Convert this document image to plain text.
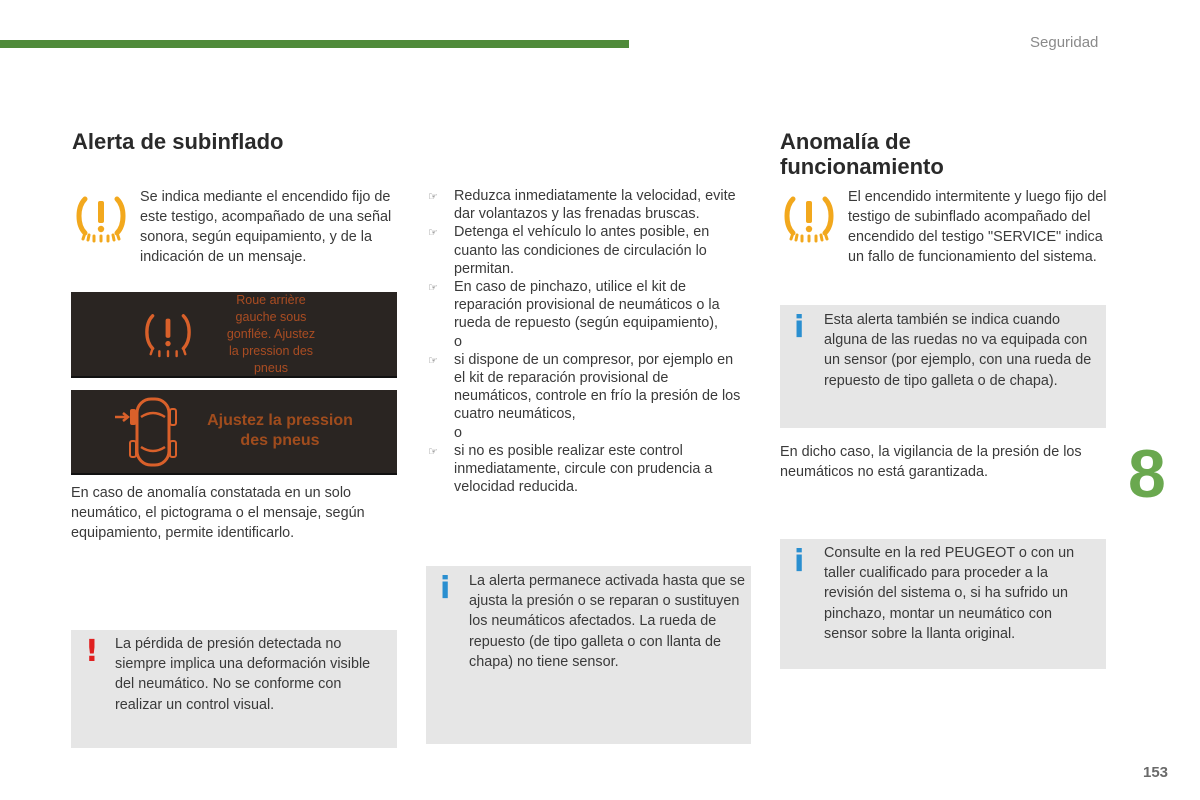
Seguridad
8
153
Alerta de subinflado

Se indica mediante el encendido fijo de este testigo, acompañado de una señal sonora, según equipamiento, y de la indicación de un mensaje.

Roue arrière
gauche sous
gonflée. Ajustez
la pression des
pneus
Ajustez la pression
des pneus

En caso de anomalía constatada en un solo neumático, el pictograma o el mensaje, según equipamiento, permite identificarlo.

! La pérdida de presión detectada no siempre implica una deformación visible del neumático. No se conforme con realizar un control visual.

☞ Reduzca inmediatamente la velocidad, evite dar volantazos y las frenadas bruscas.
☞ Detenga el vehículo lo antes posible, en cuanto las condiciones de circulación lo permitan.
☞ En caso de pinchazo, utilice el kit de reparación provisional de neumáticos o la rueda de repuesto (según equipamiento),
o
☞ si dispone de un compresor, por ejemplo en el kit de reparación provisional de neumáticos, controle en frío la presión de los cuatro neumáticos,
o
☞ si no es posible realizar este control inmediatamente, circule con prudencia a velocidad reducida.
i La alerta permanece activada hasta que se ajusta la presión o se reparan o sustituyen los neumáticos afectados. La rueda de repuesto (de tipo galleta o con llanta de chapa) no tiene sensor.

Anomalía de
funcionamiento

El encendido intermitente y luego fijo del testigo de subinflado acompañado del encendido del testigo "SERVICE" indica un fallo de funcionamiento del sistema.

i Esta alerta también se indica cuando alguna de las ruedas no va equipada con un sensor (por ejemplo, con una rueda de repuesto de tipo galleta o de chapa).

En dicho caso, la vigilancia de la presión de los neumáticos no está garantizada.

i Consulte en la red PEUGEOT o con un taller cualificado para proceder a la revisión del sistema o, si ha sufrido un pinchazo, montar un neumático con sensor sobre la llanta original.
